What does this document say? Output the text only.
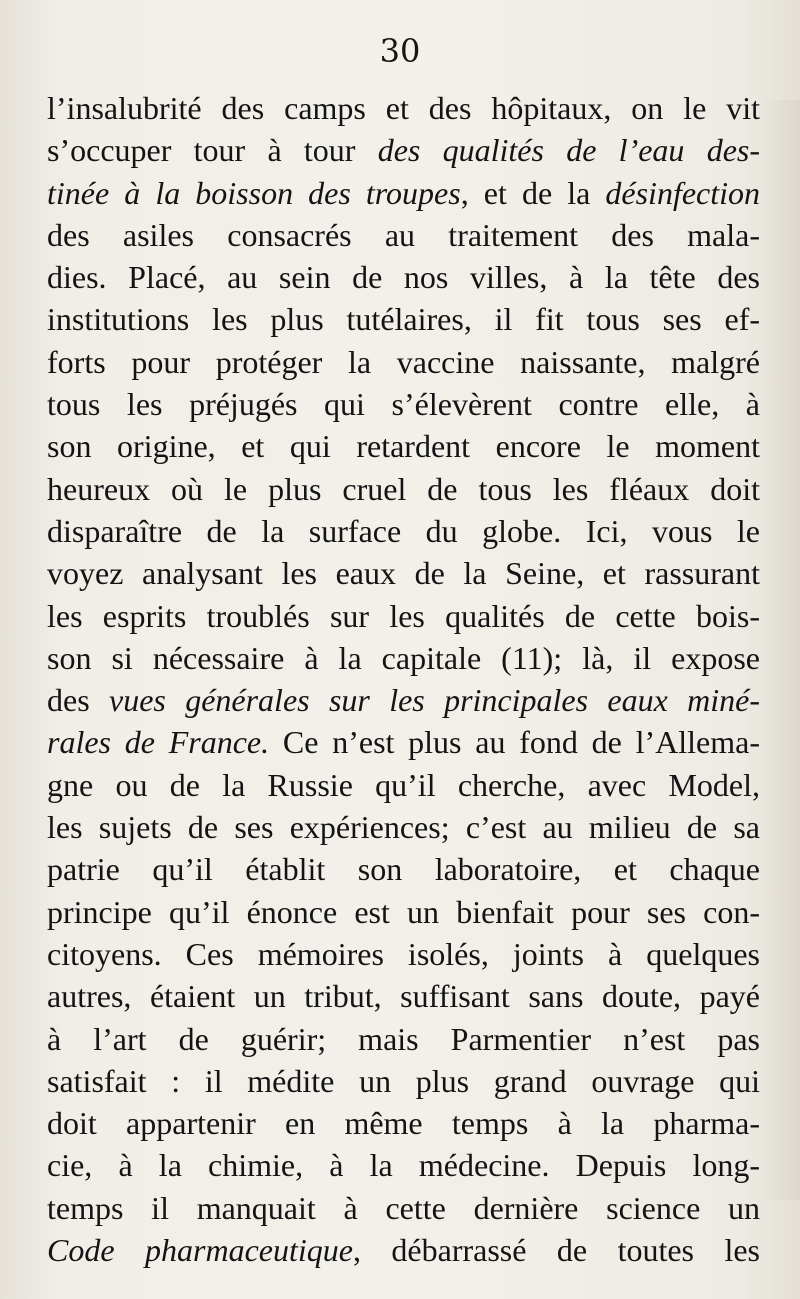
30

l’insalubrité des camps et des hôpitaux, on le vit
s’occuper tour à tour des qualités de l’eau des-
tinée à la boisson des troupes, et de la désinfection
des asiles consacrés au traitement des mala-
dies. Placé, au sein de nos villes, à la tête des
institutions les plus tutélaires, il fit tous ses ef-
forts pour protéger la vaccine naissante, malgré
tous les préjugés qui s’élevèrent contre elle, à
son origine, et qui retardent encore le moment
heureux où le plus cruel de tous les fléaux doit
disparaître de la surface du globe. Ici, vous le
voyez analysant les eaux de la Seine, et rassurant
les esprits troublés sur les qualités de cette bois-
son si nécessaire à la capitale (11); là, il expose
des vues générales sur les principales eaux miné-
rales de France. Ce n’est plus au fond de l’Allema-
gne ou de la Russie qu’il cherche, avec Model,
les sujets de ses expériences; c’est au milieu de sa
patrie qu’il établit son laboratoire, et chaque
principe qu’il énonce est un bienfait pour ses con-
citoyens. Ces mémoires isolés, joints à quelques
autres, étaient un tribut, suffisant sans doute, payé
à l’art de guérir; mais Parmentier n’est pas
satisfait : il médite un plus grand ouvrage qui
doit appartenir en même temps à la pharma-
cie, à la chimie, à la médecine. Depuis long-
temps il manquait à cette dernière science un
Code pharmaceutique, débarrassé de toutes les
